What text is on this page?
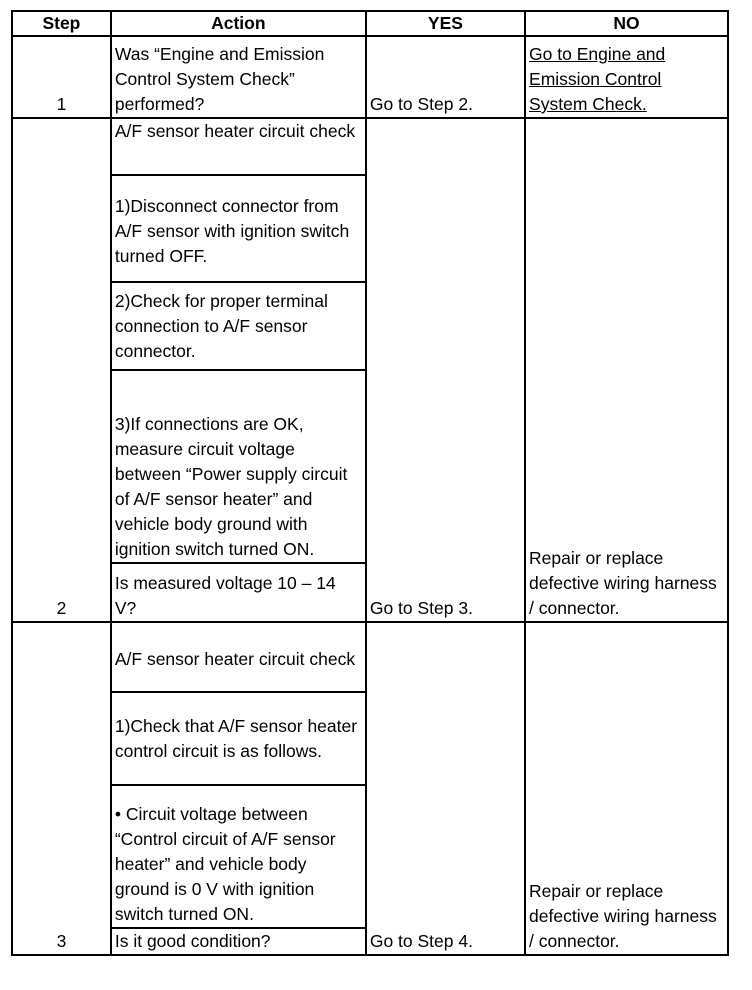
Step	Action	YES	NO
1	Was “Engine and Emission Control System Check” performed?	Go to Step 2.	Go to Engine and Emission Control System Check.
2	A/F sensor heater circuit check	Go to Step 3.	Repair or replace defective wiring harness / connector.
	1)Disconnect connector from A/F sensor with ignition switch turned OFF.		
	2)Check for proper terminal connection to A/F sensor connector.		
	3)If connections are OK, measure circuit voltage between “Power supply circuit of A/F sensor heater” and vehicle body ground with ignition switch turned ON.		
	Is measured voltage 10 – 14 V?		
3	A/F sensor heater circuit check	Go to Step 4.	Repair or replace defective wiring harness / connector.
	1)Check that A/F sensor heater control circuit is as follows.		
	• Circuit voltage between “Control circuit of A/F sensor heater” and vehicle body ground is 0 V with ignition switch turned ON.		
	Is it good condition?		
